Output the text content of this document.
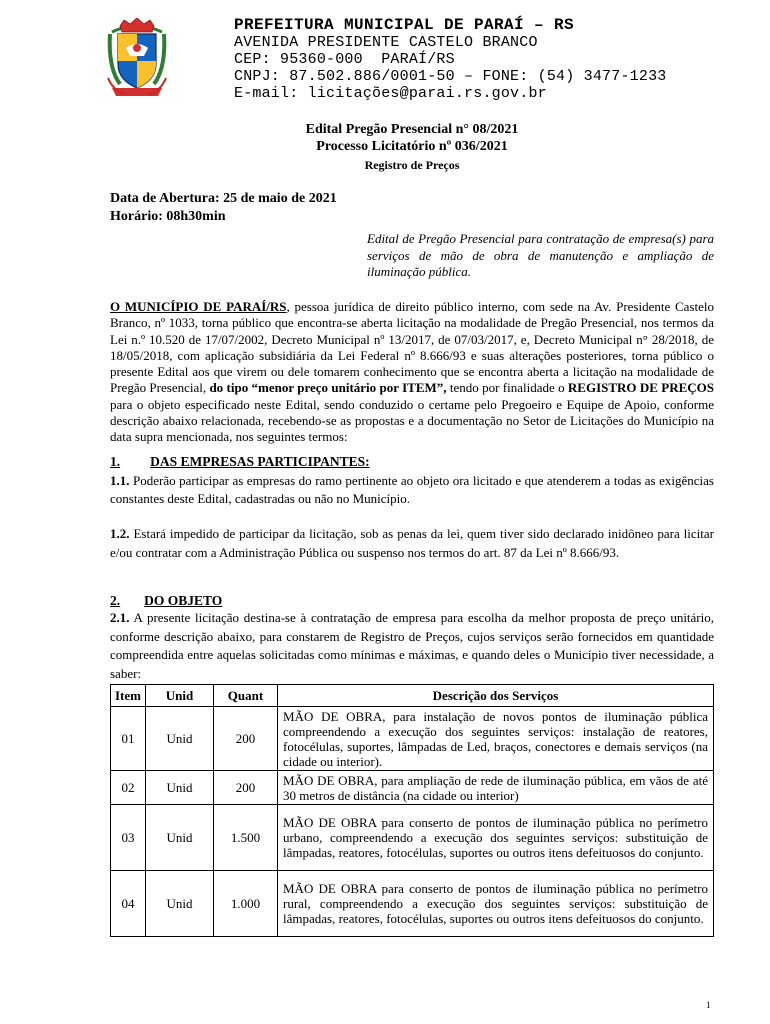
PREFEITURA MUNICIPAL DE PARAÍ – RS
AVENIDA PRESIDENTE CASTELO BRANCO
CEP: 95360-000  PARAÍ/RS
CNPJ: 87.502.886/0001-50 – FONE: (54) 3477-1233
E-mail: licitações@parai.rs.gov.br
Edital Pregão Presencial n° 08/2021
Processo Licitatório nº 036/2021
Registro de Preços
Data de Abertura: 25 de maio de 2021
Horário: 08h30min
Edital de Pregão Presencial para contratação de empresa(s) para serviços de mão de obra de manutenção e ampliação de iluminação pública.
O MUNICÍPIO DE PARAÍ/RS, pessoa jurídica de direito público interno, com sede na Av. Presidente Castelo Branco, nº 1033, torna público que encontra-se aberta licitação na modalidade de Pregão Presencial, nos termos da Lei n.º 10.520 de 17/07/2002, Decreto Municipal nº 13/2017, de 07/03/2017, e, Decreto Municipal n° 28/2018, de 18/05/2018, com aplicação subsidiária da Lei Federal nº 8.666/93 e suas alterações posteriores, torna público o presente Edital aos que virem ou dele tomarem conhecimento que se encontra aberta a licitação na modalidade de Pregão Presencial, do tipo “menor preço unitário por ITEM”, tendo por finalidade o REGISTRO DE PREÇOS para o objeto especificado neste Edital, sendo conduzido o certame pelo Pregoeiro e Equipe de Apoio, conforme descrição abaixo relacionada, recebendo-se as propostas e a documentação no Setor de Licitações do Município na data supra mencionada, nos seguintes termos:
1. DAS EMPRESAS PARTICIPANTES:
1.1. Poderão participar as empresas do ramo pertinente ao objeto ora licitado e que atenderem a todas as exigências constantes deste Edital, cadastradas ou não no Município.
1.2. Estará impedido de participar da licitação, sob as penas da lei, quem tiver sido declarado inidôneo para licitar e/ou contratar com a Administração Pública ou suspenso nos termos do art. 87 da Lei nº 8.666/93.
2. DO OBJETO
2.1. A presente licitação destina-se à contratação de empresa para escolha da melhor proposta de preço unitário, conforme descrição abaixo, para constarem de Registro de Preços, cujos serviços serão fornecidos em quantidade compreendida entre aquelas solicitadas como mínimas e máximas, e quando deles o Município tiver necessidade, a saber:
Item	Unid	Quant	Descrição dos Serviços
01	Unid	200	MÃO DE OBRA, para instalação de novos pontos de iluminação pública compreendendo a execução dos seguintes serviços: instalação de reatores, fotocélulas, suportes, lâmpadas de Led, braços, conectores e demais serviços (na cidade ou interior).
02	Unid	200	MÃO DE OBRA, para ampliação de rede de iluminação pública, em vãos de até 30 metros de distância (na cidade ou interior)
03	Unid	1.500	MÃO DE OBRA para conserto de pontos de iluminação pública no perímetro urbano, compreendendo a execução dos seguintes serviços: substituição de lâmpadas, reatores, fotocélulas, suportes ou outros itens defeituosos do conjunto.
04	Unid	1.000	MÃO DE OBRA para conserto de pontos de iluminação pública no perímetro rural, compreendendo a execução dos seguintes serviços: substituição de lâmpadas, reatores, fotocélulas, suportes ou outros itens defeituosos do conjunto.
1
